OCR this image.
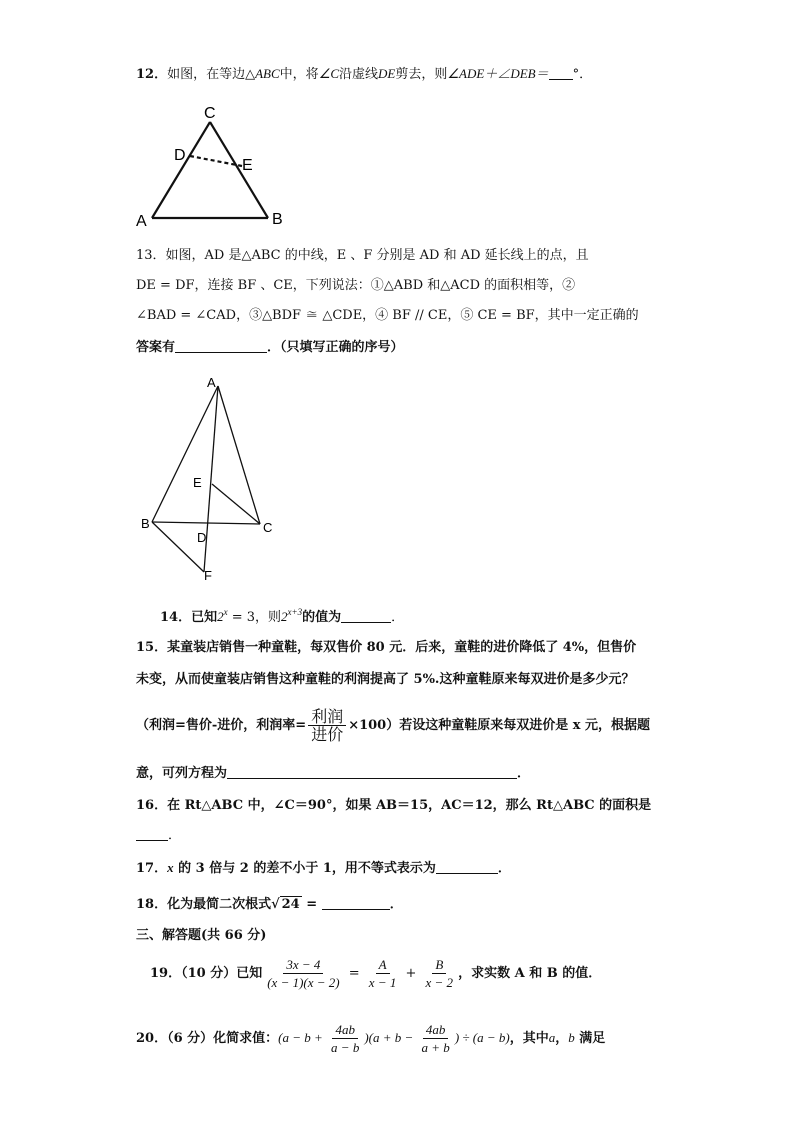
12．如图，在等边△ABC中，将∠C沿虚线DE剪去，则∠ADE＋∠DEB＝ °．
C
D
E
A	B
13．如图，AD 是△ABC 的中线，E 、F 分别是 AD 和 AD 延长线上的点，且
DE = DF，连接 BF 、CE，下列说法：①△ABD 和△ACD 的面积相等，②
∠BAD = ∠CAD，③△BDF ≅ △CDE，④ BF // CE，⑤ CE = BF，其中一定正确的
答案有	．（只填写正确的序号）
A
E
B	C
D
F
14．已知$2^x = 3$，则$2^{x+3}$的值为	．
15．某童装店销售一种童鞋，每双售价 80 元．后来，童鞋的进价降低了 4%，但售价
未变，从而使童装店销售这种童鞋的利润提高了 5%.这种童鞋原来每双进价是多少元？
（利润=售价-进价，利润率= $\frac{\text{利润}}{\text{进价}} \times 100$）若设这种童鞋原来每双进价是 x 元，根据题
意，可列方程为	．
16．在 Rt△ABC 中，∠C＝90°，如果 AB＝15，AC＝12，那么 Rt△ABC 的面积是
．
17．x 的 3 倍与 2 的差不小于 1，用不等式表示为	．
18．化为最简二次根式√ 24 =	．
三、解答题(共 66 分)
19．（10 分）已知 $\frac{3x - 4}{(x - 1)(x - 2)} = \frac{A}{x - 1} + \frac{B}{x - 2}$ ，求实数 A 和 B 的值．
20．（6 分）化简求值：$(a - b + \frac{4ab}{a - b} )(a + b - \frac{4ab}{a + b}$ ) ÷ (a − b)，其中a，b 满足
